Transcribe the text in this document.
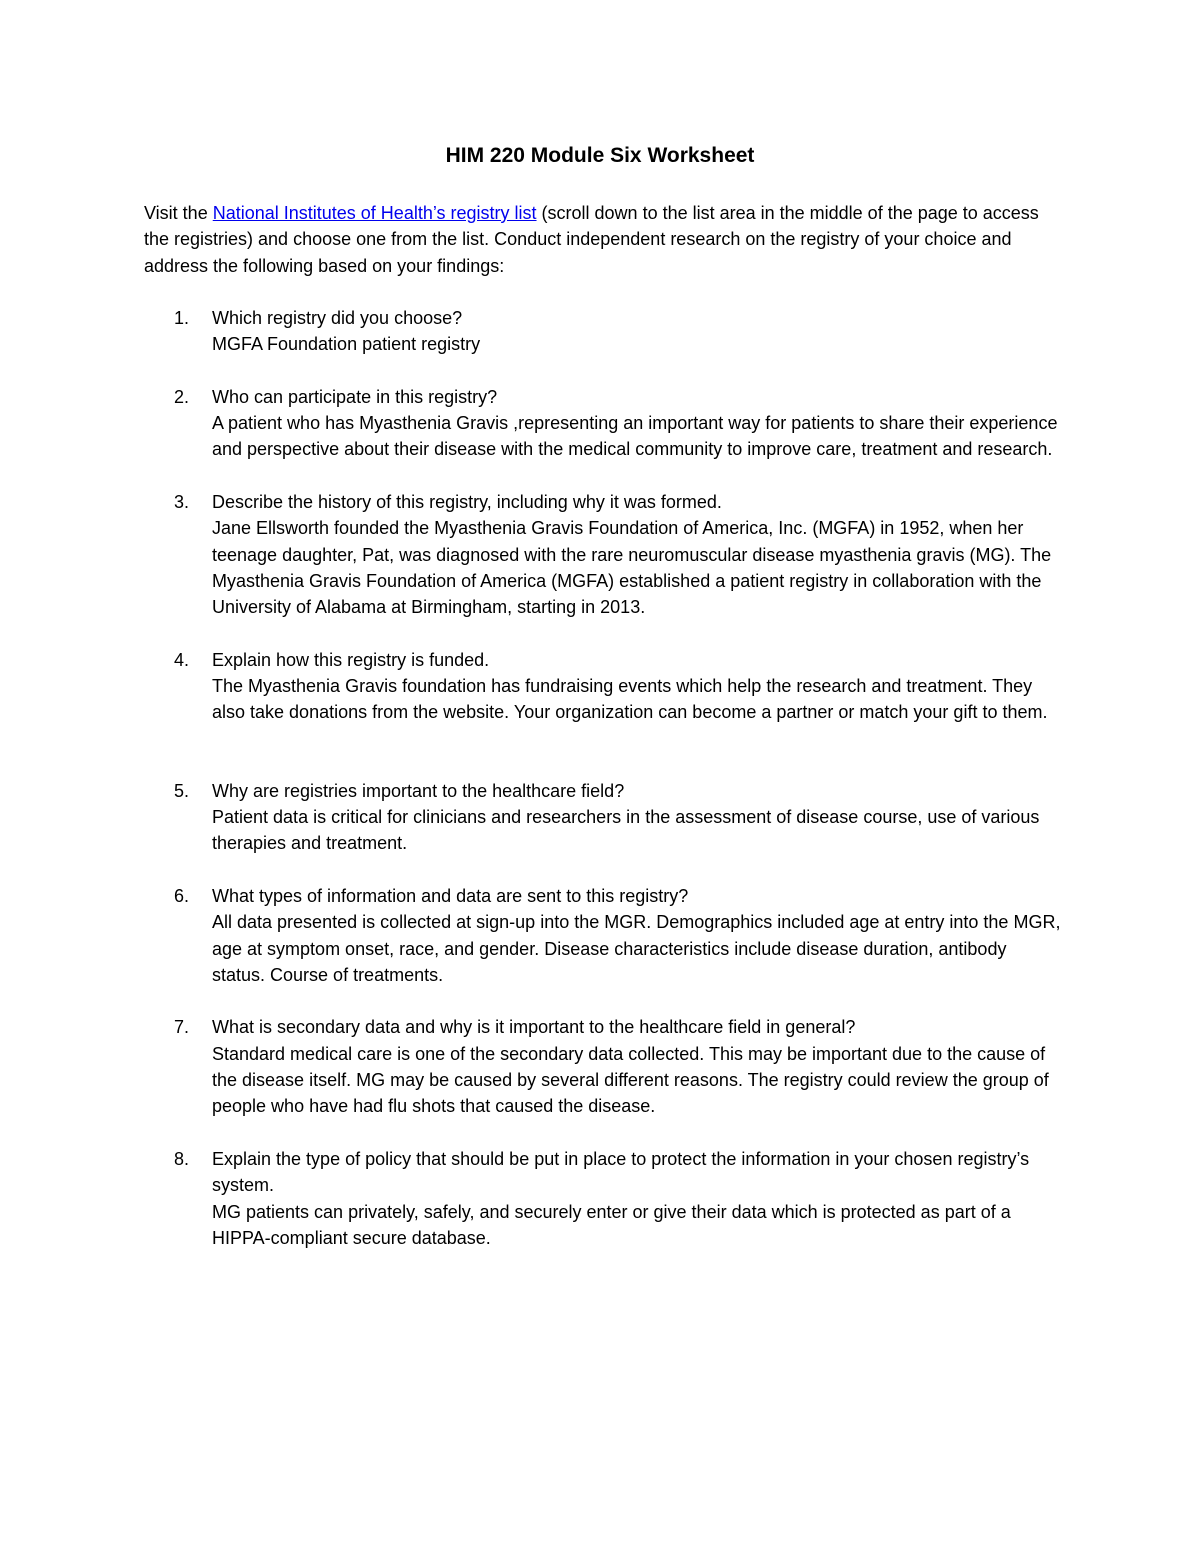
HIM 220 Module Six Worksheet

Visit the National Institutes of Health’s registry list (scroll down to the list area in the middle of the page to access the registries) and choose one from the list. Conduct independent research on the registry of your choice and address the following based on your findings:

1. Which registry did you choose?
MGFA Foundation patient registry
2. Who can participate in this registry?
A patient who has Myasthenia Gravis ,representing an important way for patients to share their experience and perspective about their disease with the medical community to improve care, treatment and research.
3. Describe the history of this registry, including why it was formed.
Jane Ellsworth founded the Myasthenia Gravis Foundation of America, Inc. (MGFA) in 1952, when her teenage daughter, Pat, was diagnosed with the rare neuromuscular disease myasthenia gravis (MG). The Myasthenia Gravis Foundation of America (MGFA) established a patient registry in collaboration with the University of Alabama at Birmingham, starting in 2013.
4. Explain how this registry is funded.
The Myasthenia Gravis foundation has fundraising events which help the research and treatment. They also take donations from the website. Your organization can become a partner or match your gift to them.
5. Why are registries important to the healthcare field?
Patient data is critical for clinicians and researchers in the assessment of disease course, use of various therapies and treatment.
6. What types of information and data are sent to this registry?
All data presented is collected at sign-up into the MGR. Demographics included age at entry into the MGR, age at symptom onset, race, and gender. Disease characteristics include disease duration, antibody status. Course of treatments.
7. What is secondary data and why is it important to the healthcare field in general?
Standard medical care is one of the secondary data collected. This may be important due to the cause of the disease itself. MG may be caused by several different reasons. The registry could review the group of people who have had flu shots that caused the disease.
8. Explain the type of policy that should be put in place to protect the information in your chosen registry’s system.
MG patients can privately, safely, and securely enter or give their data which is protected as part of a HIPPA-compliant secure database.
